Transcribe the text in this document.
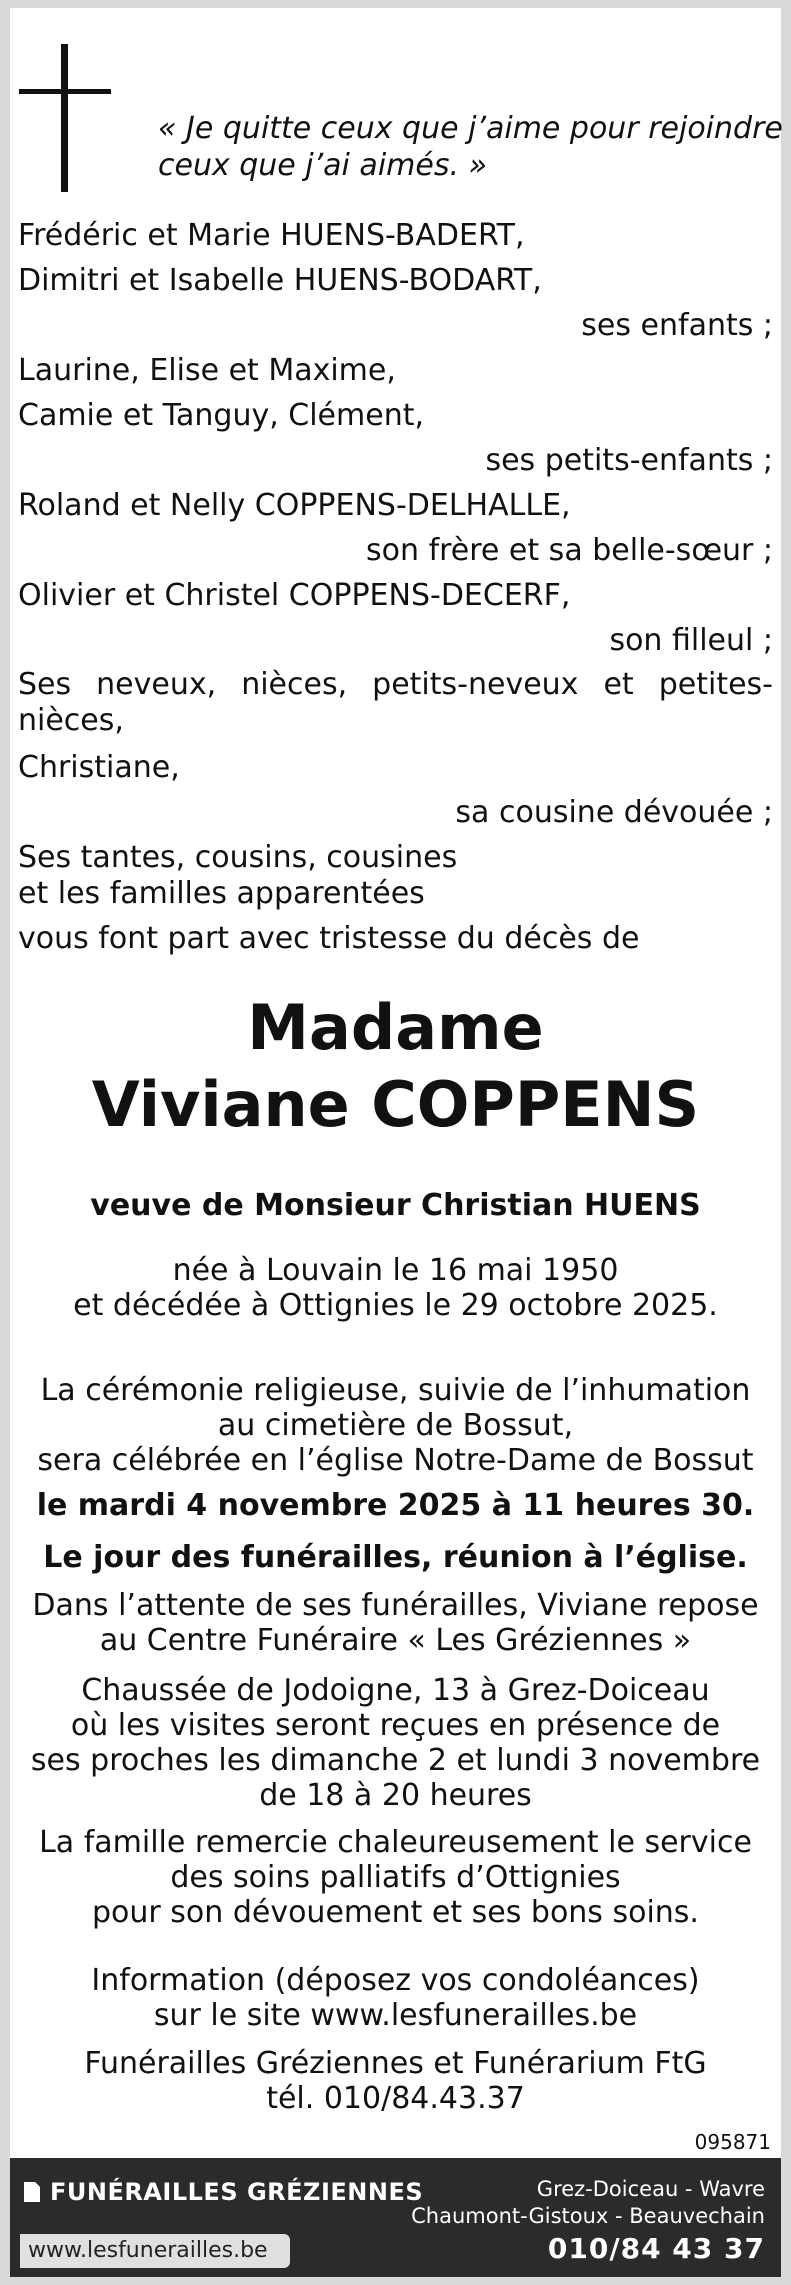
« Je quitte ceux que j’aime pour rejoindre ceux que j’ai aimés. »
Frédéric et Marie HUENS-BADERT,
Dimitri et Isabelle HUENS-BODART,
ses enfants ;
Laurine, Elise et Maxime,
Camie et Tanguy, Clément,
ses petits-enfants ;
Roland et Nelly COPPENS-DELHALLE,
son frère et sa belle-sœur ;
Olivier et Christel COPPENS-DECERF,
son filleul ;
Ses neveux, nièces, petits-neveux et petites-nièces,
Christiane,
sa cousine dévouée ;
Ses tantes, cousins, cousines
et les familles apparentées
vous font part avec tristesse du décès de
Madame
Viviane COPPENS
veuve de Monsieur Christian HUENS
née à Louvain le 16 mai 1950
et décédée à Ottignies le 29 octobre 2025.
La cérémonie religieuse, suivie de l’inhumation
au cimetière de Bossut,
sera célébrée en l’église Notre-Dame de Bossut
le mardi 4 novembre 2025 à 11 heures 30.
Le jour des funérailles, réunion à l’église.
Dans l’attente de ses funérailles, Viviane repose
au Centre Funéraire « Les Gréziennes »
Chaussée de Jodoigne, 13 à Grez-Doiceau
où les visites seront reçues en présence de
ses proches les dimanche 2 et lundi 3 novembre
de 18 à 20 heures
La famille remercie chaleureusement le service
des soins palliatifs d’Ottignies
pour son dévouement et ses bons soins.
Information (déposez vos condoléances)
sur le site www.lesfunerailles.be
Funérailles Gréziennes et Funérarium FtG
tél. 010/84.43.37
095871
FUNÉRAILLES GRÉZIENNES	Grez-Doiceau - Wavre
Chaumont-Gistoux - Beauvechain
010/84 43 37
www.lesfunerailles.be
